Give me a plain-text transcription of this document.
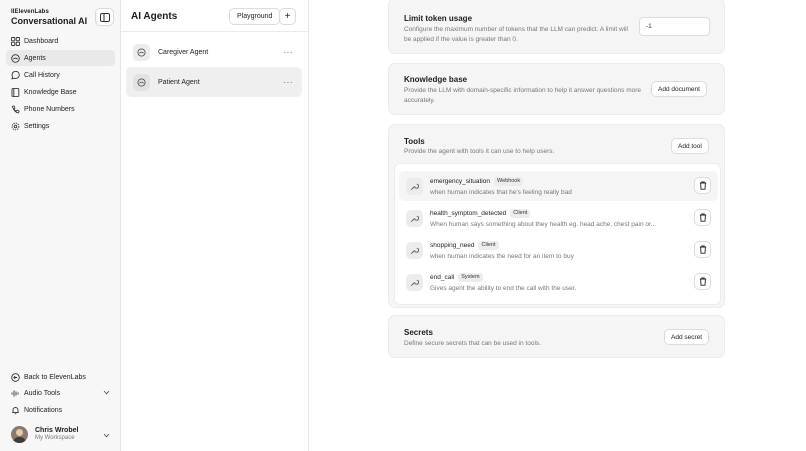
IIElevenLabs
Conversational AI
Dashboard
Agents
Call History
Knowledge Base
Phone Numbers
Settings
Back to ElevenLabs
Audio Tools
Notifications
Chris Wrobel
My Workspace
AI Agents	Playground	+
Caregiver Agent	···
Patient Agent	···
Limit token usage
Configure the maximum number of tokens that the LLM can predict. A limit will be applied if the value is greater than 0.
-1
Knowledge base
Provide the LLM with domain-specific information to help it answer questions more accurately.
Add document
Tools
Provide the agent with tools it can use to help users.
Add tool
emergency_situation	Webhook
when human indicates that he's feeling really bad
health_symptom_detected	Client
When human says something about they health eg. head ache, chest pain or...
shopping_need	Client
when human indicates the need for an item to buy
end_call	System
Gives agent the ability to end the call with the user.
Secrets
Define secure secrets that can be used in tools.
Add secret
